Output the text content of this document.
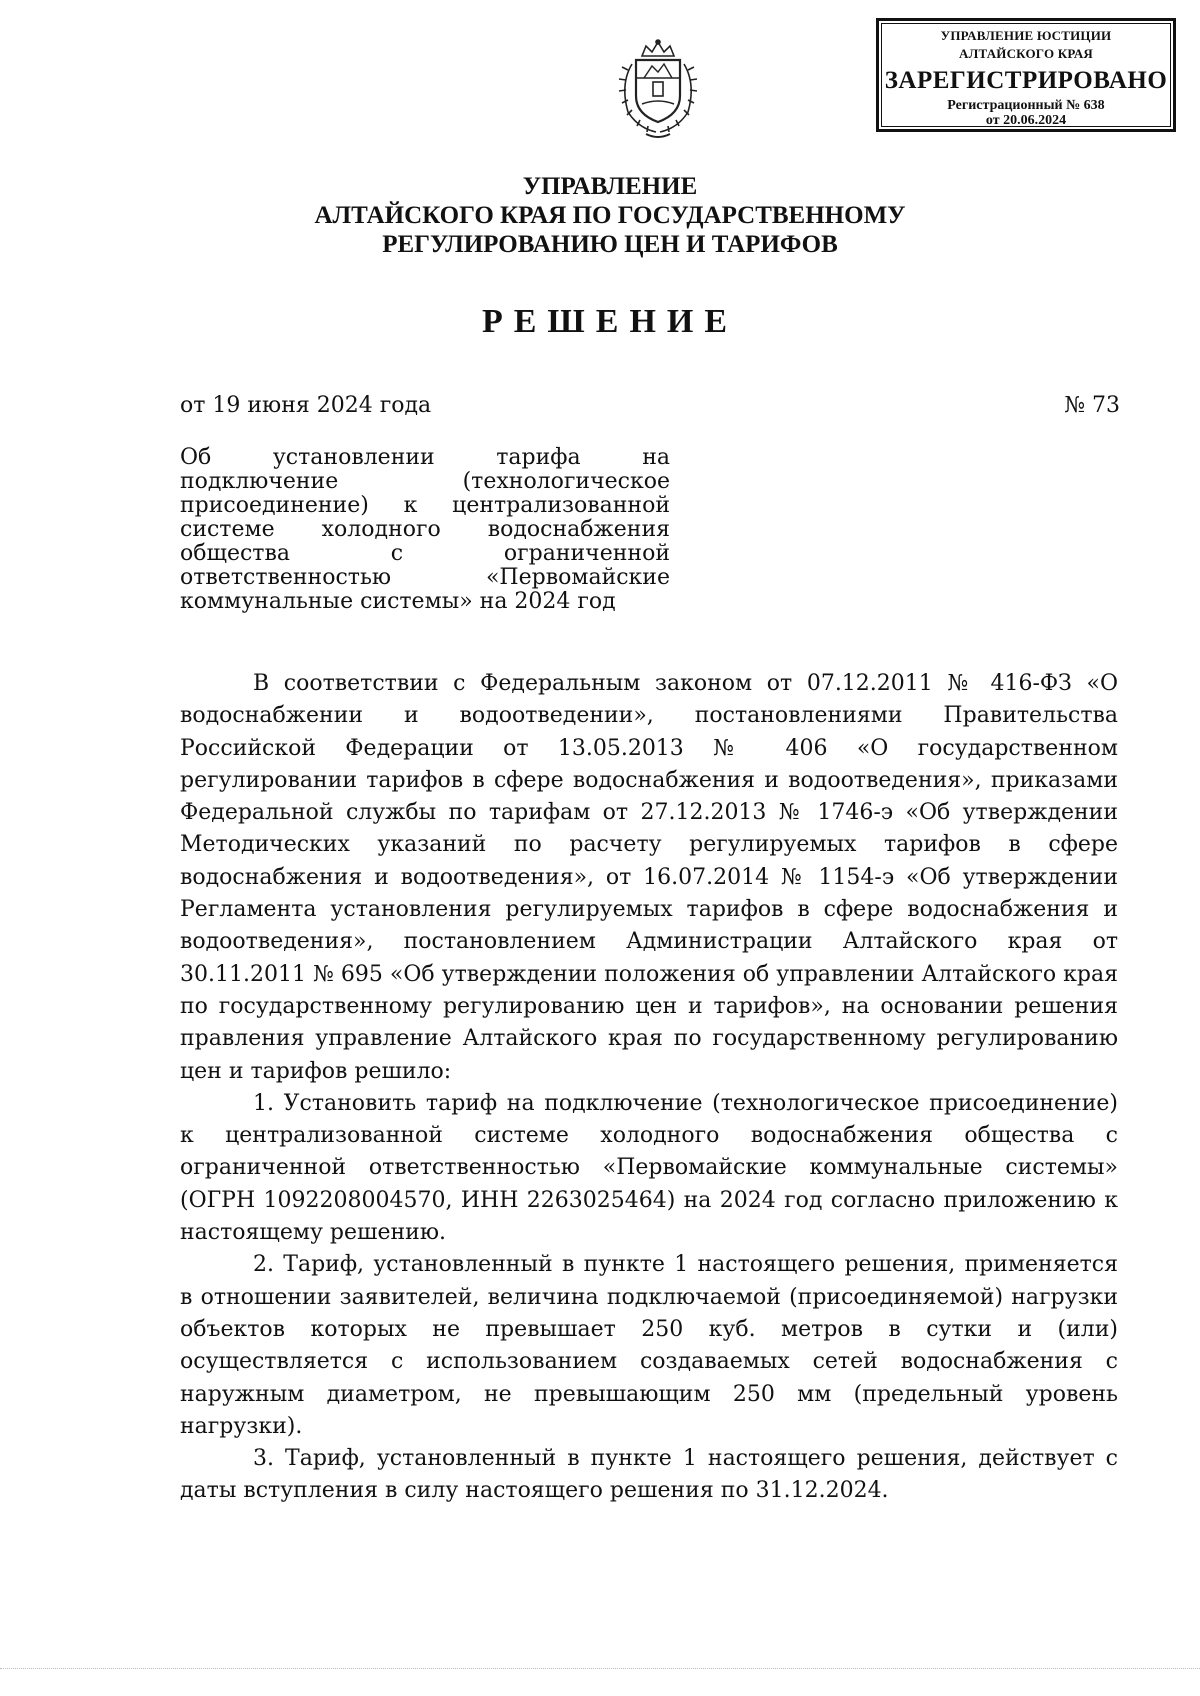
УПРАВЛЕНИЕ ЮСТИЦИИ
АЛТАЙСКОГО КРАЯ
ЗАРЕГИСТРИРОВАНО
Регистрационный № 638
от 20.06.2024
УПРАВЛЕНИЕ
АЛТАЙСКОГО КРАЯ ПО ГОСУДАРСТВЕННОМУ
РЕГУЛИРОВАНИЮ ЦЕН И ТАРИФОВ
РЕШЕНИЕ
от 19 июня 2024 года	№ 73
Об установлении тарифа на подключение (технологическое присоединение) к централизованной системе холодного водоснабжения общества с ограниченной ответственностью «Первомайские коммунальные системы» на 2024 год

В соответствии с Федеральным законом от 07.12.2011 № 416-ФЗ «О водоснабжении и водоотведении», постановлениями Правительства Российской Федерации от 13.05.2013 № 406 «О государственном регулировании тарифов в сфере водоснабжения и водоотведения», приказами Федеральной службы по тарифам от 27.12.2013 № 1746-э «Об утверждении Методических указаний по расчету регулируемых тарифов в сфере водоснабжения и водоотведения», от 16.07.2014 № 1154-э «Об утверждении Регламента установления регулируемых тарифов в сфере водоснабжения и водоотведения», постановлением Администрации Алтайского края от 30.11.2011 № 695 «Об утверждении положения об управлении Алтайского края по государственному регулированию цен и тарифов», на основании решения правления управление Алтайского края по государственному регулированию цен и тарифов решило:

1. Установить тариф на подключение (технологическое присоединение) к централизованной системе холодного водоснабжения общества с ограниченной ответственностью «Первомайские коммунальные системы» (ОГРН 1092208004570, ИНН 2263025464) на 2024 год согласно приложению к настоящему решению.

2. Тариф, установленный в пункте 1 настоящего решения, применяется в отношении заявителей, величина подключаемой (присоединяемой) нагрузки объектов которых не превышает 250 куб. метров в сутки и (или) осуществляется с использованием создаваемых сетей водоснабжения с наружным диаметром, не превышающим 250 мм (предельный уровень нагрузки).

3. Тариф, установленный в пункте 1 настоящего решения, действует с даты вступления в силу настоящего решения по 31.12.2024.
